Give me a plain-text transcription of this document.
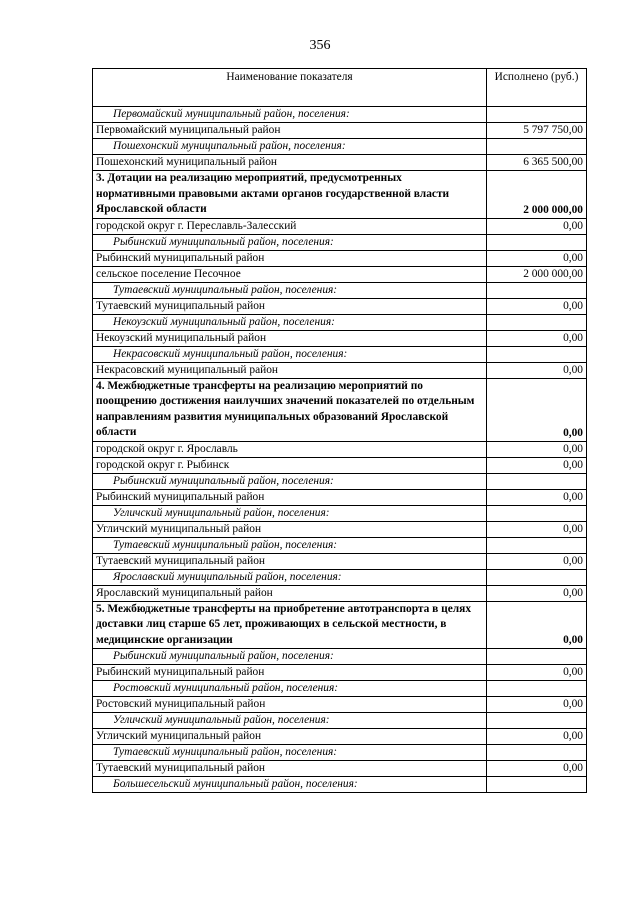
356
Наименование показателя	Исполнено (руб.)
Первомайский муниципальный район, поселения:	
Первомайский муниципальный район	5 797 750,00
Пошехонский муниципальный район, поселения:	
Пошехонский муниципальный район	6 365 500,00
3. Дотации на реализацию мероприятий, предусмотренных нормативными правовыми актами органов государственной власти Ярославской области	2 000 000,00
городской округ г. Переславль-Залесский	0,00
Рыбинский муниципальный район, поселения:	
Рыбинский муниципальный район	0,00
сельское поселение Песочное	2 000 000,00
Тутаевский муниципальный район, поселения:	
Тутаевский муниципальный район	0,00
Некоузский муниципальный район, поселения:	
Некоузский муниципальный район	0,00
Некрасовский муниципальный район, поселения:	
Некрасовский муниципальный район	0,00
4. Межбюджетные трансферты на реализацию мероприятий по поощрению достижения наилучших значений показателей по отдельным направлениям развития муниципальных образований Ярославской области	0,00
городской округ г. Ярославль	0,00
городской округ г. Рыбинск	0,00
Рыбинский муниципальный район, поселения:	
Рыбинский муниципальный район	0,00
Угличский муниципальный район, поселения:	
Угличский муниципальный район	0,00
Тутаевский муниципальный район, поселения:	
Тутаевский муниципальный район	0,00
Ярославский муниципальный район, поселения:	
Ярославский муниципальный район	0,00
5. Межбюджетные трансферты на приобретение автотранспорта в целях доставки лиц старше 65 лет, проживающих в сельской местности, в медицинские организации	0,00
Рыбинский муниципальный район, поселения:	
Рыбинский муниципальный район	0,00
Ростовский муниципальный район, поселения:	
Ростовский муниципальный район	0,00
Угличский муниципальный район, поселения:	
Угличский муниципальный район	0,00
Тутаевский муниципальный район, поселения:	
Тутаевский муниципальный район	0,00
Большесельский муниципальный район, поселения:	
